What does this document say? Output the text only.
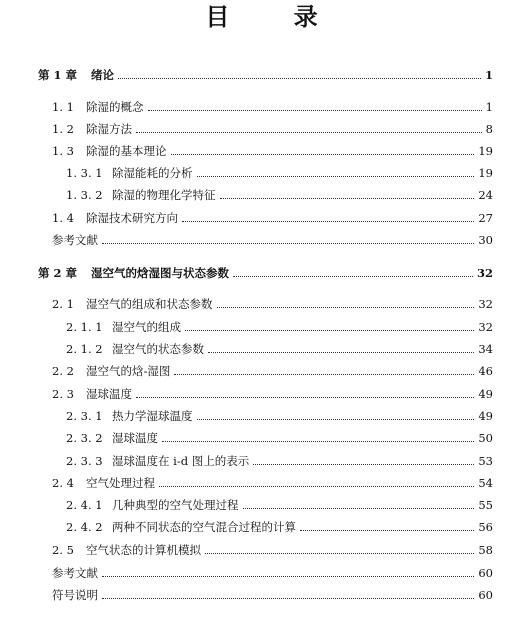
目 录
第 1 章 绪论	1
1. 1	除湿的概念	1
1. 2	除湿方法	8
1. 3	除湿的基本理论	19
1. 3. 1 除湿能耗的分析	19
1. 3. 2 除湿的物理化学特征	24
1. 4	除湿技术研究方向	27
参考文献	30
第 2 章 湿空气的焓湿图与状态参数	32
2. 1	湿空气的组成和状态参数	32
2. 1. 1 湿空气的组成	32
2. 1. 2 湿空气的状态参数	34
2. 2	湿空气的焓-湿图	46
2. 3	湿球温度	49
2. 3. 1 热力学湿球温度	49
2. 3. 2 湿球温度	50
2. 3. 3 湿球温度在 i-d 图上的表示	53
2. 4	空气处理过程	54
2. 4. 1 几种典型的空气处理过程	55
2. 4. 2 两种不同状态的空气混合过程的计算	56
2. 5	空气状态的计算机模拟	58
参考文献	60
符号说明	60
